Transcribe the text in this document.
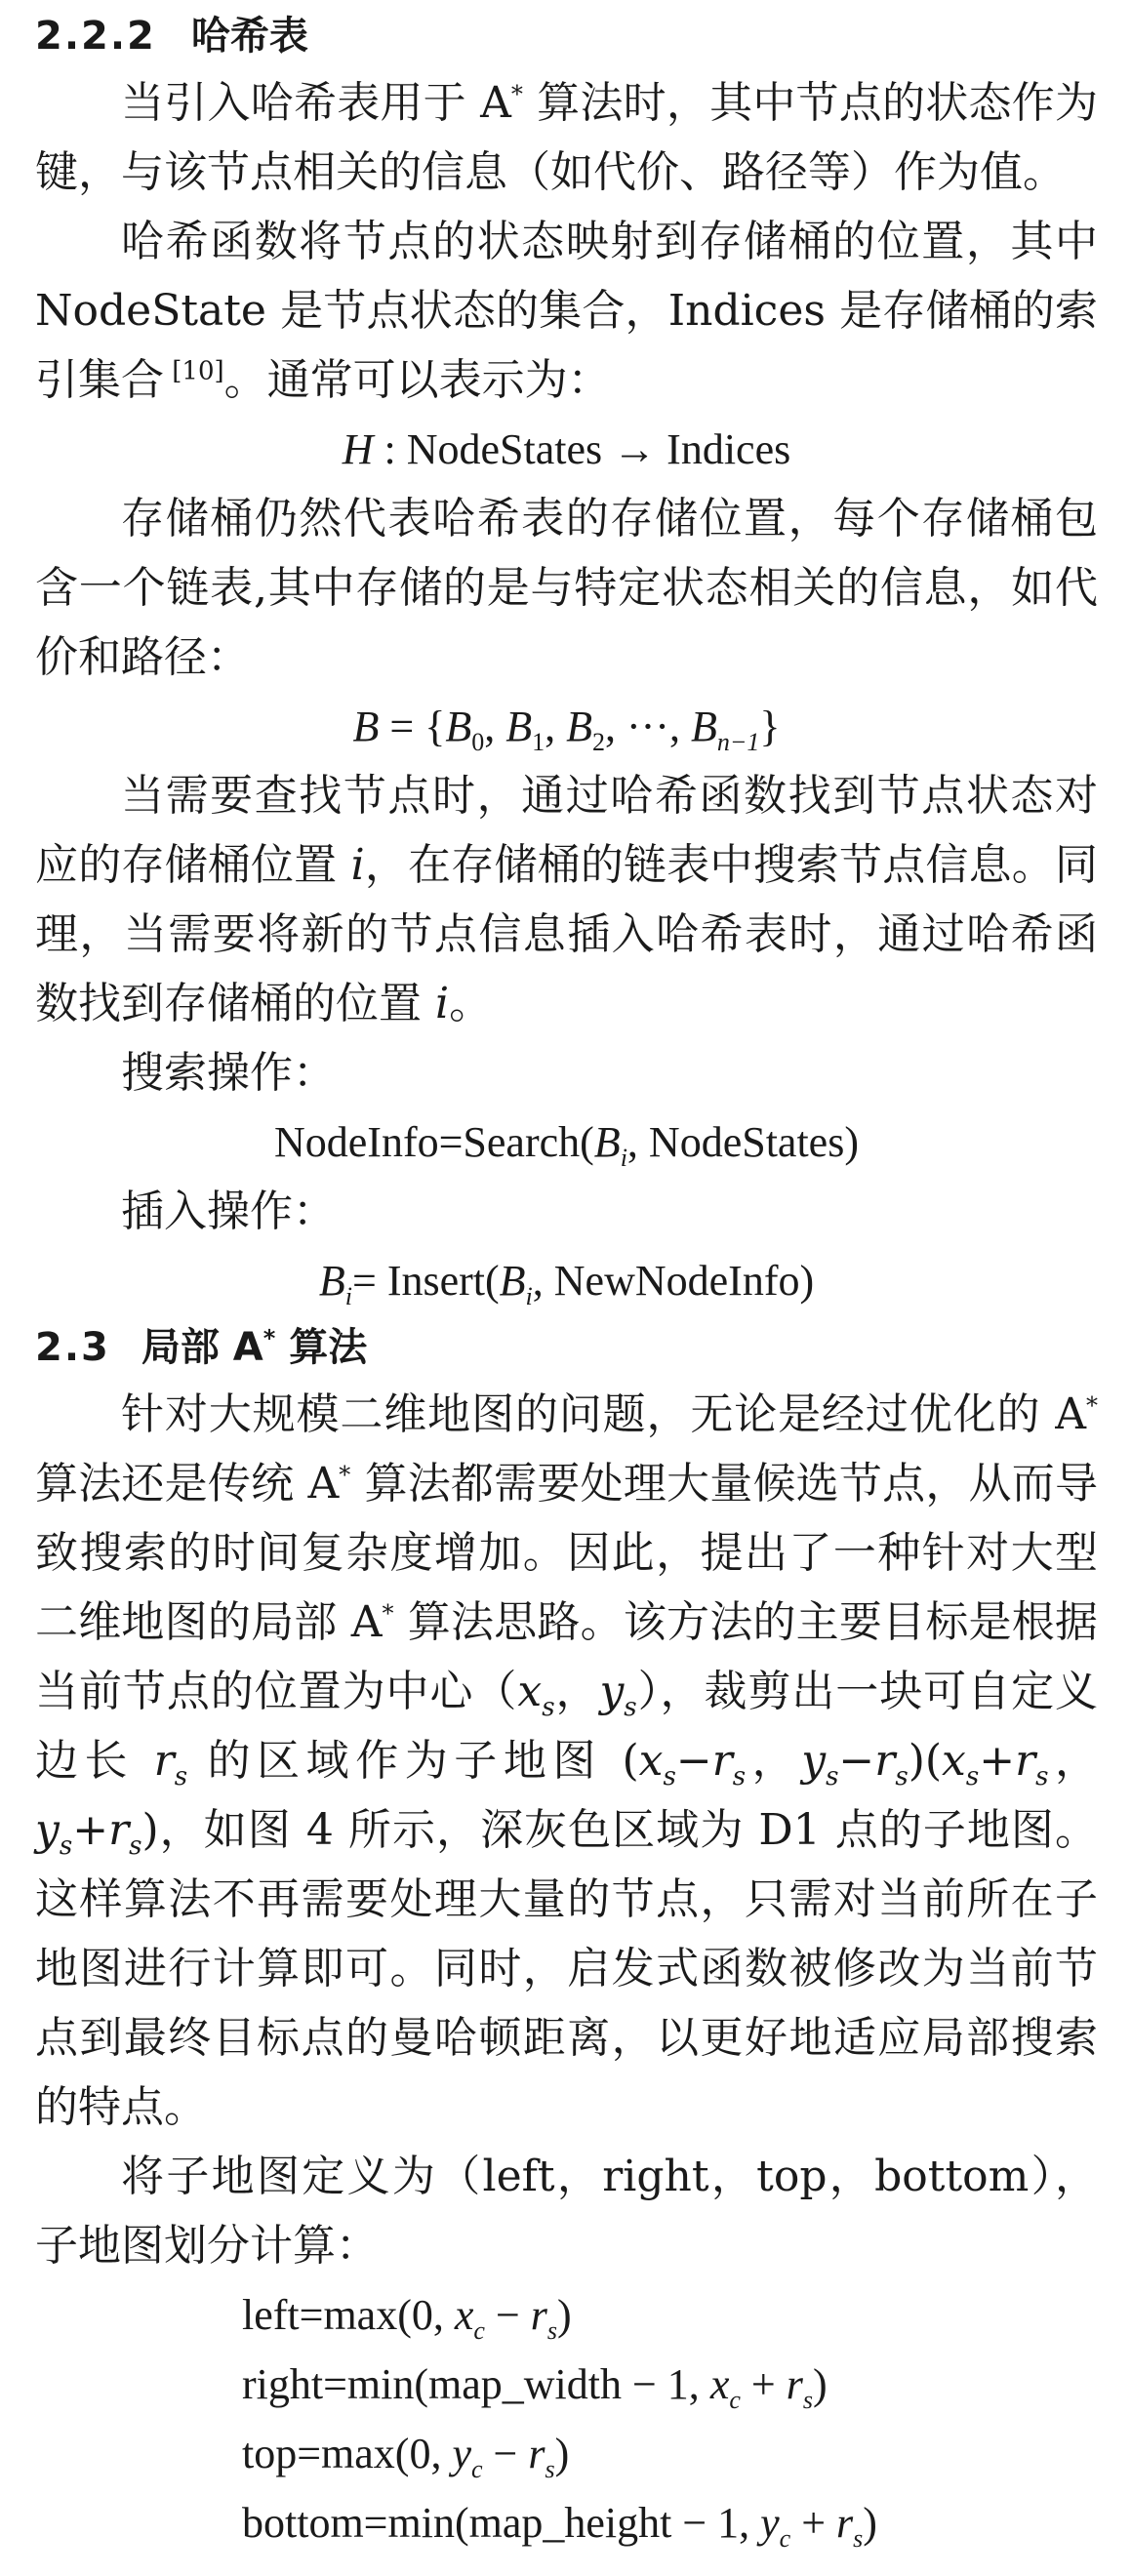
2.2.2 哈希表

当引入哈希表用于 A* 算法时，其中节点的状态作为键，与该节点相关的信息（如代价、路径等）作为值。

哈希函数将节点的状态映射到存储桶的位置，其中 NodeState 是节点状态的集合，Indices 是存储桶的索引集合 [10]。通常可以表示为：

H : NodeStates → Indices

存储桶仍然代表哈希表的存储位置，每个存储桶包含一个链表,其中存储的是与特定状态相关的信息，如代价和路径：

$B = \{B_0$, $B_1$, $B_2$, ···, $B_{n-1}$}

当需要查找节点时，通过哈希函数找到节点状态对应的存储桶位置 i，在存储桶的链表中搜索节点信息。同理，当需要将新的节点信息插入哈希表时，通过哈希函数找到存储桶的位置 i。

搜索操作：

$NodeInfo=Search(B_i$, NodeStates)

插入操作：

$B_i=$ $Insert(B_i$, NewNodeInfo)
2.3 局部 A* 算法

针对大规模二维地图的问题，无论是经过优化的 A* 算法还是传统 A* 算法都需要处理大量候选节点，从而导致搜索的时间复杂度增加。因此，提出了一种针对大型二维地图的局部 A* 算法思路。该方法的主要目标是根据当前节点的位置为中心（$x_s$，$y_s$），裁剪出一块可自定义边长 $r_s$ 的区域作为子地图 ($x_s-r_s$，$y_s-r_s)(x_s+r_s$，$y_s+r_s$)，如图 4 所示，深灰色区域为 D1 点的子地图。这样算法不再需要处理大量的节点，只需对当前所在子地图进行计算即可。同时，启发式函数被修改为当前节点到最终目标点的曼哈顿距离，以更好地适应局部搜索的特点。

将子地图定义为（left，right，top，bottom），子地图划分计算：

left=max(0, $x_c - r_s$)
right=min(map_width − 1, $x_c + r_s$)
top=max(0, $y_c - r_s$)
bottom=min(map_height − 1, $y_c + r_s$)
